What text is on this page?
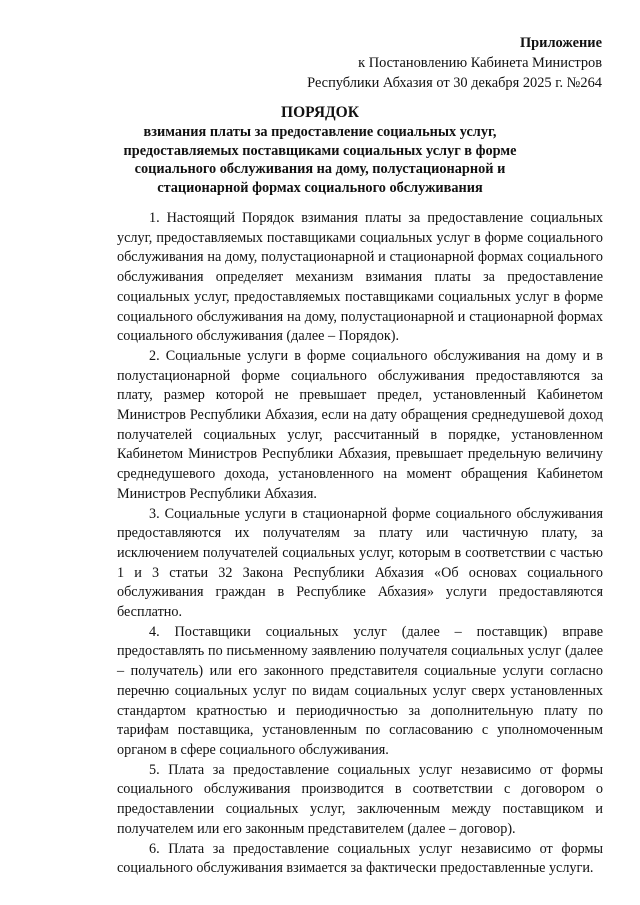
Приложение
к Постановлению Кабинета Министров
Республики Абхазия от 30 декабря 2025 г. №264
ПОРЯДОК
взимания платы за предоставление социальных услуг, предоставляемых поставщиками социальных услуг в форме социального обслуживания на дому, полустационарной и стационарной формах социального обслуживания

1. Настоящий Порядок взимания платы за предоставление социальных услуг, предоставляемых поставщиками социальных услуг в форме социального обслуживания на дому, полустационарной и стационарной формах социального обслуживания определяет механизм взимания платы за предоставление социальных услуг, предоставляемых поставщиками социальных услуг в форме социального обслуживания на дому, полустационарной и стационарной формах социального обслуживания (далее – Порядок).

2. Социальные услуги в форме социального обслуживания на дому и в полустационарной форме социального обслуживания предоставляются за плату, размер которой не превышает предел, установленный Кабинетом Министров Республики Абхазия, если на дату обращения среднедушевой доход получателей социальных услуг, рассчитанный в порядке, установленном Кабинетом Министров Республики Абхазия, превышает предельную величину среднедушевого дохода, установленного на момент обращения Кабинетом Министров Республики Абхазия.

3. Социальные услуги в стационарной форме социального обслуживания предоставляются их получателям за плату или частичную плату, за исключением получателей социальных услуг, которым в соответствии с частью 1 и 3 статьи 32 Закона Республики Абхазия «Об основах социального обслуживания граждан в Республике Абхазия» услуги предоставляются бесплатно.

4. Поставщики социальных услуг (далее – поставщик) вправе предоставлять по письменному заявлению получателя социальных услуг (далее – получатель) или его законного представителя социальные услуги согласно перечню социальных услуг по видам социальных услуг сверх установленных стандартом кратностью и периодичностью за дополнительную плату по тарифам поставщика, установленным по согласованию с уполномоченным органом в сфере социального обслуживания.

5. Плата за предоставление социальных услуг независимо от формы социального обслуживания производится в соответствии с договором о предоставлении социальных услуг, заключенным между поставщиком и получателем или его законным представителем (далее – договор).

6. Плата за предоставление социальных услуг независимо от формы социального обслуживания взимается за фактически предоставленные услуги.
